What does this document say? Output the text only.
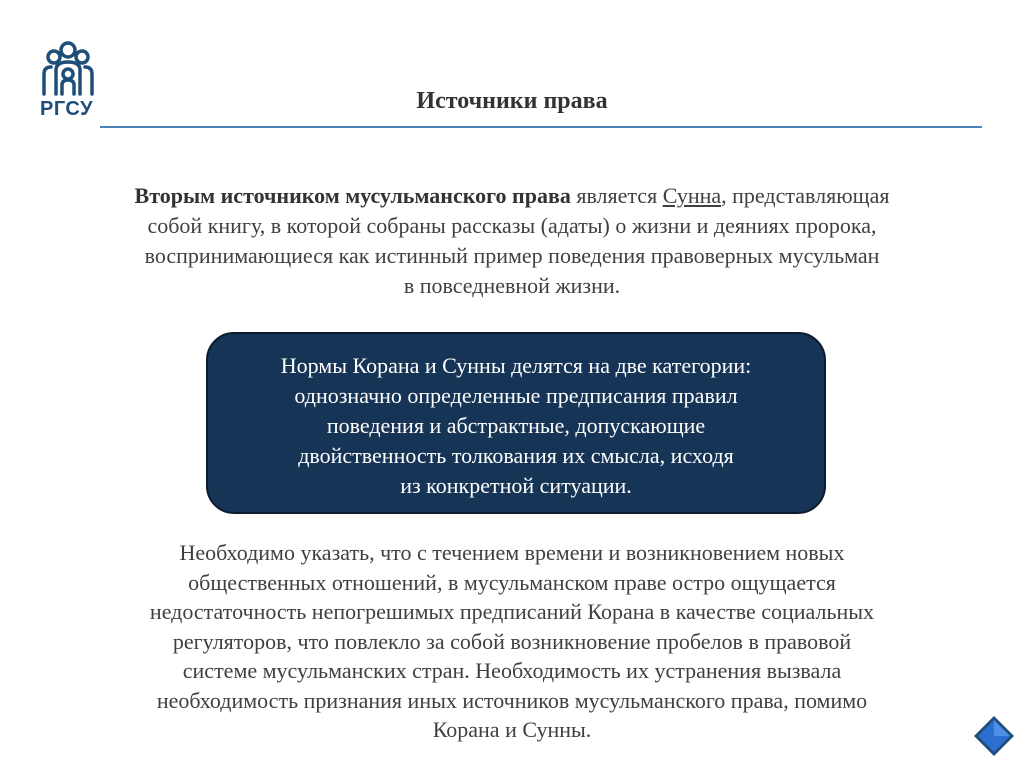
РГСУ	Источники права
Вторым источником мусульманского права является Сунна, представляющая
собой книгу, в которой собраны рассказы (адаты) о жизни и деяниях пророка,
воспринимающиеся как истинный пример поведения правоверных мусульман
в повседневной жизни.
Нормы Корана и Сунны делятся на две категории:
однозначно определенные предписания правил
поведения и абстрактные, допускающие
двойственность толкования их смысла, исходя
из конкретной ситуации.
Необходимо указать, что с течением времени и возникновением новых
общественных отношений, в мусульманском праве остро ощущается
недостаточность непогрешимых предписаний Корана в качестве социальных
регуляторов, что повлекло за собой возникновение пробелов в правовой
системе мусульманских стран. Необходимость их устранения вызвала
необходимость признания иных источников мусульманского права, помимо
Корана и Сунны.
